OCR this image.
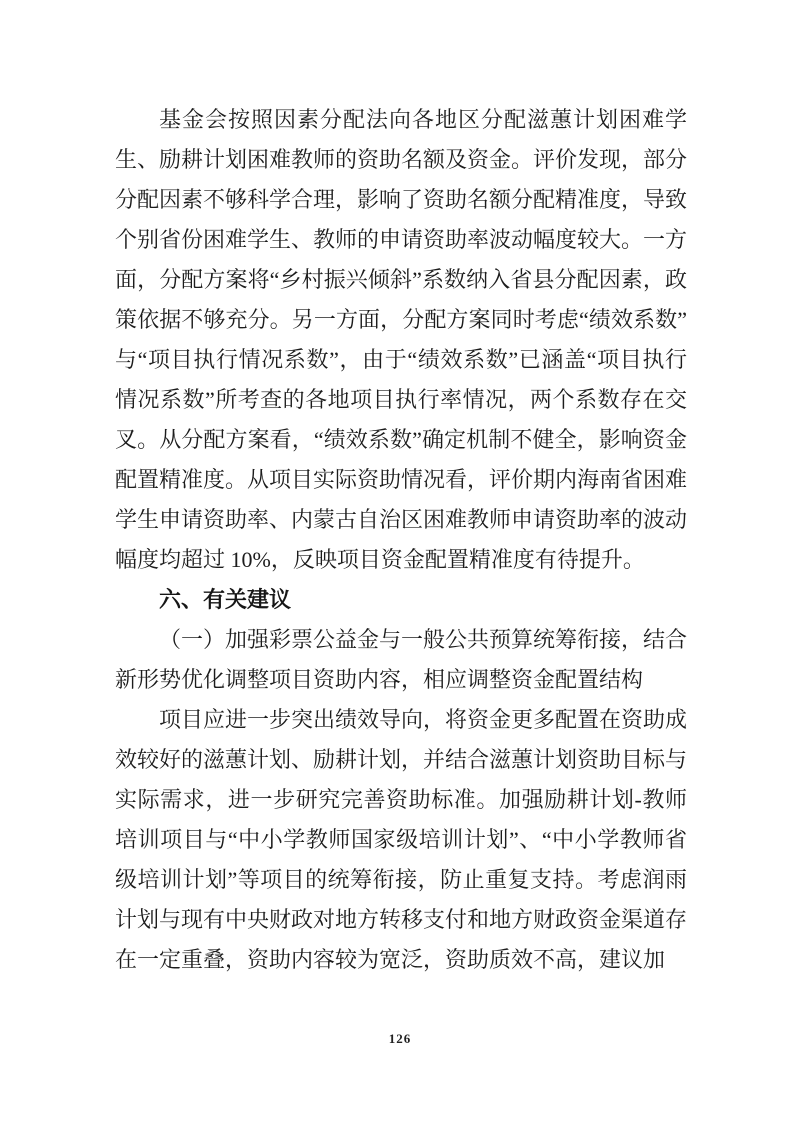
基金会按照因素分配法向各地区分配滋蕙计划困难学生、励耕计划困难教师的资助名额及资金。评价发现，部分分配因素不够科学合理，影响了资助名额分配精准度，导致个别省份困难学生、教师的申请资助率波动幅度较大。一方面，分配方案将“乡村振兴倾斜”系数纳入省县分配因素，政策依据不够充分。另一方面，分配方案同时考虑“绩效系数”与“项目执行情况系数”，由于“绩效系数”已涵盖“项目执行情况系数”所考查的各地项目执行率情况，两个系数存在交叉。从分配方案看，“绩效系数”确定机制不健全，影响资金配置精准度。从项目实际资助情况看，评价期内海南省困难学生申请资助率、内蒙古自治区困难教师申请资助率的波动幅度均超过 10%，反映项目资金配置精准度有待提升。

六、有关建议

（一）加强彩票公益金与一般公共预算统筹衔接，结合新形势优化调整项目资助内容，相应调整资金配置结构

项目应进一步突出绩效导向，将资金更多配置在资助成效较好的滋蕙计划、励耕计划，并结合滋蕙计划资助目标与实际需求，进一步研究完善资助标准。加强励耕计划-教师培训项目与“中小学教师国家级培训计划”、“中小学教师省级培训计划”等项目的统筹衔接，防止重复支持。考虑润雨计划与现有中央财政对地方转移支付和地方财政资金渠道存在一定重叠，资助内容较为宽泛，资助质效不高，建议加

126
